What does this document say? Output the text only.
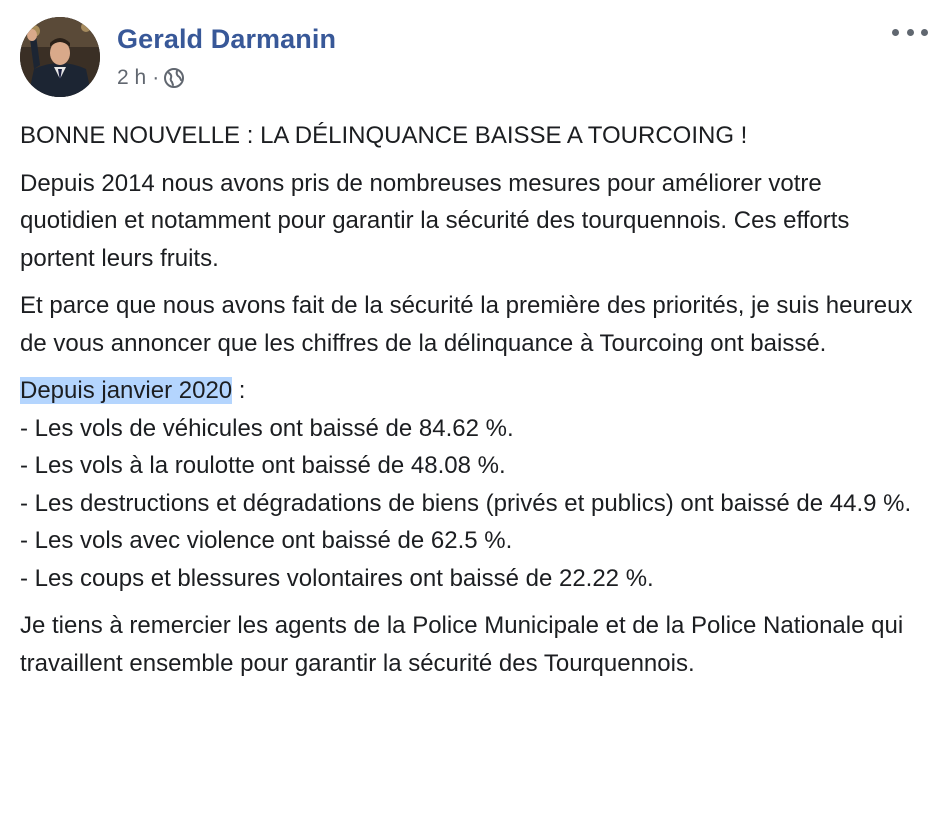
Gerald Darmanin
2 h ·

BONNE NOUVELLE : LA DÉLINQUANCE BAISSE A TOURCOING !

Depuis 2014 nous avons pris de nombreuses mesures pour améliorer votre quotidien et notamment pour garantir la sécurité des tourquennois. Ces efforts portent leurs fruits.

Et parce que nous avons fait de la sécurité la première des priorités, je suis heureux de vous annoncer que les chiffres de la délinquance à Tourcoing ont baissé.

Depuis janvier 2020 :
- Les vols de véhicules ont baissé de 84.62 %.
- Les vols à la roulotte ont baissé de 48.08 %.
- Les destructions et dégradations de biens (privés et publics) ont baissé de 44.9 %.
- Les vols avec violence ont baissé de 62.5 %.
- Les coups et blessures volontaires ont baissé de 22.22 %.

Je tiens à remercier les agents de la Police Municipale et de la Police Nationale qui travaillent ensemble pour garantir la sécurité des Tourquennois.
